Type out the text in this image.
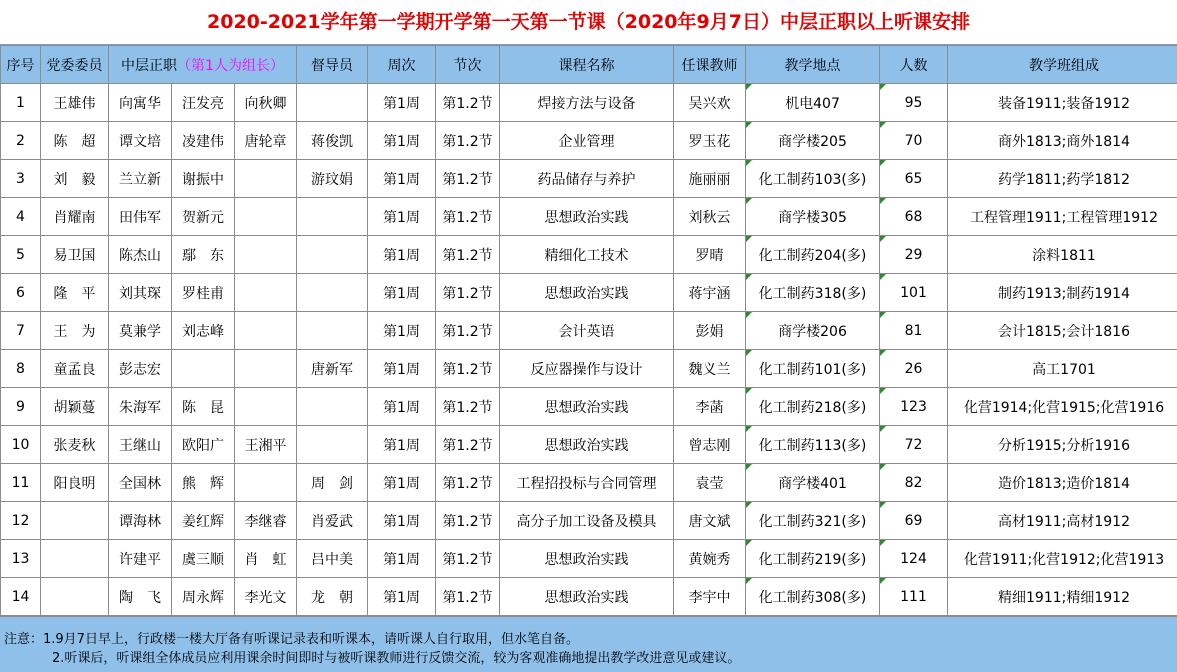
2020-2021学年第一学期开学第一天第一节课（2020年9月7日）中层正职以上听课安排
序号	党委委员	中层正职（第1人为组长）			督导员	周次	节次	课程名称	任课教师	教学地点	人数	教学班组成
1	王雄伟	向寓华	汪发亮	向秋卿		第1周	第1.2节	焊接方法与设备	吴兴欢	机电407	95	装备1911;装备1912
2	陈　超	谭文培	凌建伟	唐轮章	蒋俊凯	第1周	第1.2节	企业管理	罗玉花	商学楼205	70	商外1813;商外1814
3	刘　毅	兰立新	谢振中		游玟娟	第1周	第1.2节	药品储存与养护	施丽丽	化工制药103(多)	65	药学1811;药学1812
4	肖耀南	田伟军	贺新元			第1周	第1.2节	思想政治实践	刘秋云	商学楼305	68	工程管理1911;工程管理1912
5	易卫国	陈杰山	鄢　东			第1周	第1.2节	精细化工技术	罗晴	化工制药204(多)	29	涂料1811
6	隆　平	刘其琛	罗桂甫			第1周	第1.2节	思想政治实践	蒋宇涵	化工制药318(多)	101	制药1913;制药1914
7	王　为	莫兼学	刘志峰			第1周	第1.2节	会计英语	彭娟	商学楼206	81	会计1815;会计1816
8	童孟良	彭志宏			唐新军	第1周	第1.2节	反应器操作与设计	魏义兰	化工制药101(多)	26	高工1701
9	胡颖蔓	朱海军	陈　昆			第1周	第1.2节	思想政治实践	李菡	化工制药218(多)	123	化营1914;化营1915;化营1916
10	张麦秋	王继山	欧阳广	王湘平		第1周	第1.2节	思想政治实践	曾志刚	化工制药113(多)	72	分析1915;分析1916
11	阳良明	全国林	熊　辉		周　剑	第1周	第1.2节	工程招投标与合同管理	袁莹	商学楼401	82	造价1813;造价1814
12		谭海林	姜红辉	李继睿	肖爱武	第1周	第1.2节	高分子加工设备及模具	唐文斌	化工制药321(多)	69	高材1911;高材1912
13		许建平	虞三顺	肖　虹	吕中美	第1周	第1.2节	思想政治实践	黄婉秀	化工制药219(多)	124	化营1911;化营1912;化营1913
14		陶　飞	周永辉	李光文	龙　朝	第1周	第1.2节	思想政治实践	李宇中	化工制药308(多)	111	精细1911;精细1912
注意：1.9月7日早上，行政楼一楼大厅备有听课记录表和听课本，请听课人自行取用，但水笔自备。
2.听课后，听课组全体成员应利用课余时间即时与被听课教师进行反馈交流，较为客观准确地提出教学改进意见或建议。
